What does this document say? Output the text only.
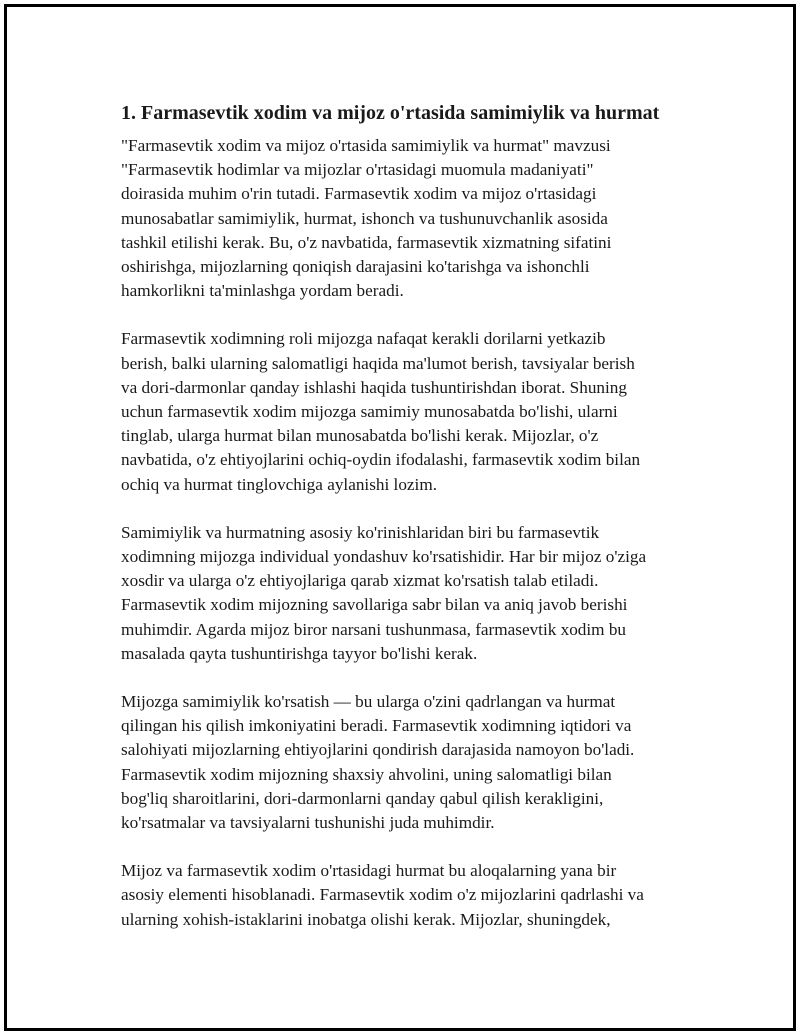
1. Farmasevtik xodim va mijoz o'rtasida samimiylik va hurmat

"Farmasevtik xodim va mijoz o'rtasida samimiylik va hurmat" mavzusi
"Farmasevtik hodimlar va mijozlar o'rtasidagi muomula madaniyati"
doirasida muhim o'rin tutadi. Farmasevtik xodim va mijoz o'rtasidagi
munosabatlar samimiylik, hurmat, ishonch va tushunuvchanlik asosida
tashkil etilishi kerak. Bu, o'z navbatida, farmasevtik xizmatning sifatini
oshirishga, mijozlarning qoniqish darajasini ko'tarishga va ishonchli
hamkorlikni ta'minlashga yordam beradi.

Farmasevtik xodimning roli mijozga nafaqat kerakli dorilarni yetkazib
berish, balki ularning salomatligi haqida ma'lumot berish, tavsiyalar berish
va dori-darmonlar qanday ishlashi haqida tushuntirishdan iborat. Shuning
uchun farmasevtik xodim mijozga samimiy munosabatda bo'lishi, ularni
tinglab, ularga hurmat bilan munosabatda bo'lishi kerak. Mijozlar, o'z
navbatida, o'z ehtiyojlarini ochiq-oydin ifodalashi, farmasevtik xodim bilan
ochiq va hurmat tinglovchiga aylanishi lozim.

Samimiylik va hurmatning asosiy ko'rinishlaridan biri bu farmasevtik
xodimning mijozga individual yondashuv ko'rsatishidir. Har bir mijoz o'ziga
xosdir va ularga o'z ehtiyojlariga qarab xizmat ko'rsatish talab etiladi.
Farmasevtik xodim mijozning savollariga sabr bilan va aniq javob berishi
muhimdir. Agarda mijoz biror narsani tushunmasa, farmasevtik xodim bu
masalada qayta tushuntirishga tayyor bo'lishi kerak.

Mijozga samimiylik ko'rsatish — bu ularga o'zini qadrlangan va hurmat
qilingan his qilish imkoniyatini beradi. Farmasevtik xodimning iqtidori va
salohiyati mijozlarning ehtiyojlarini qondirish darajasida namoyon bo'ladi.
Farmasevtik xodim mijozning shaxsiy ahvolini, uning salomatligi bilan
bog'liq sharoitlarini, dori-darmonlarni qanday qabul qilish kerakligini,
ko'rsatmalar va tavsiyalarni tushunishi juda muhimdir.

Mijoz va farmasevtik xodim o'rtasidagi hurmat bu aloqalarning yana bir
asosiy elementi hisoblanadi. Farmasevtik xodim o'z mijozlarini qadrlashi va
ularning xohish-istaklarini inobatga olishi kerak. Mijozlar, shuningdek,
